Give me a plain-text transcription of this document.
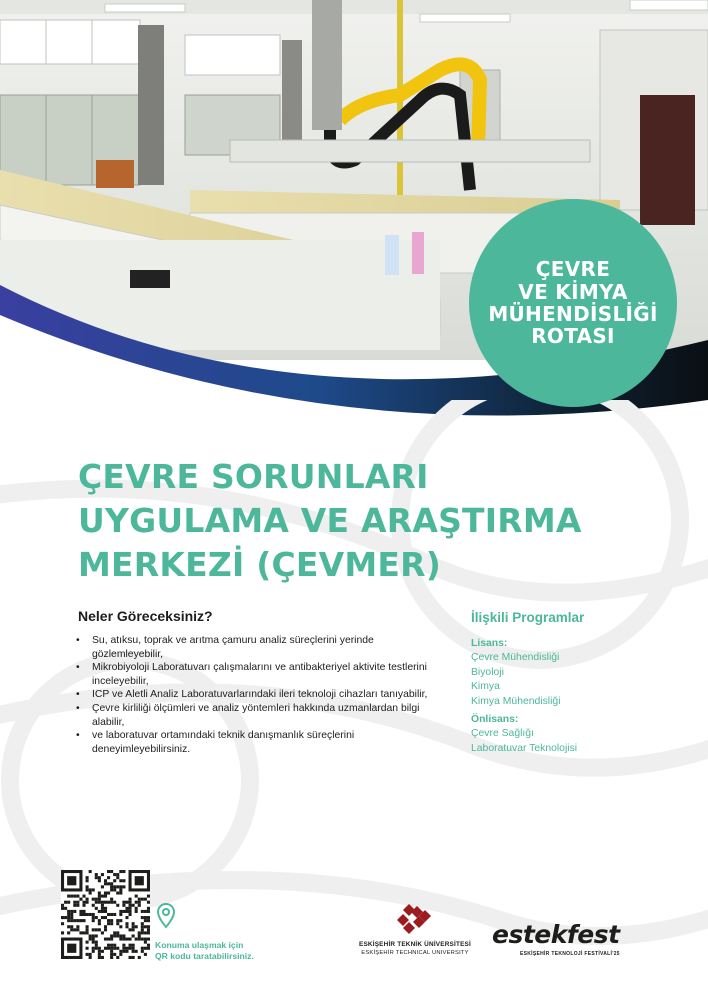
ÇEVRE
VE KİMYA
MÜHENDİSLİĞİ
ROTASI
ÇEVRE SORUNLARI
UYGULAMA VE ARAŞTIRMA
MERKEZİ (ÇEVMER)
Neler Göreceksiniz?
• Su, atıksu, toprak ve arıtma çamuru analiz süreçlerini yerinde gözlemleyebilir,
• Mikrobiyoloji Laboratuvarı çalışmalarını ve antibakteriyel aktivite testlerini inceleyebilir,
• ICP ve Aletli Analiz Laboratuvarlarındaki ileri teknoloji cihazları tanıyabilir,
• Çevre kirliliği ölçümleri ve analiz yöntemleri hakkında uzmanlardan bilgi alabilir,
• ve laboratuvar ortamındaki teknik danışmanlık süreçlerini deneyimleyebilirsiniz.
İlişkili Programlar
Lisans:
Çevre Mühendisliği
Biyoloji
Kimya
Kimya Mühendisliği
Önlisans:
Çevre Sağlığı
Laboratuvar Teknolojisi
Konuma ulaşmak için
QR kodu taratabilirsiniz.
ESKİŞEHİR TEKNİK ÜNİVERSİTESİ
ESKİŞEHİR TECHNICAL UNIVERSITY
estekfest
ESKİŞEHİR TEKNOLOJİ FESTİVALİ'25
